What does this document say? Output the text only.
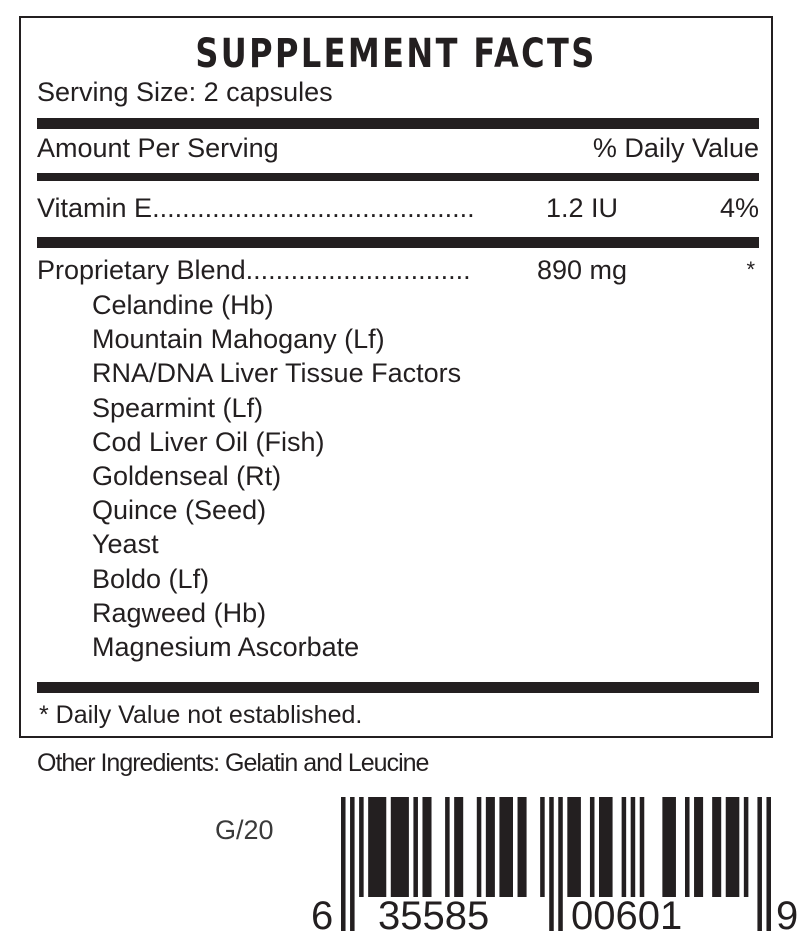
SUPPLEMENT FACTS
Serving Size: 2 capsules
Amount Per Serving	% Daily Value
Vitamin E...........................................	1.2 IU	4%
Proprietary Blend..............................	890 mg	*
Celandine (Hb)
Mountain Mahogany (Lf)
RNA/DNA Liver Tissue Factors
Spearmint (Lf)
Cod Liver Oil (Fish)
Goldenseal (Rt)
Quince (Seed)
Yeast
Boldo (Lf)
Ragweed (Hb)
Magnesium Ascorbate
* Daily Value not established.
Other Ingredients: Gelatin and Leucine
G/20
6 35585 00601 9
